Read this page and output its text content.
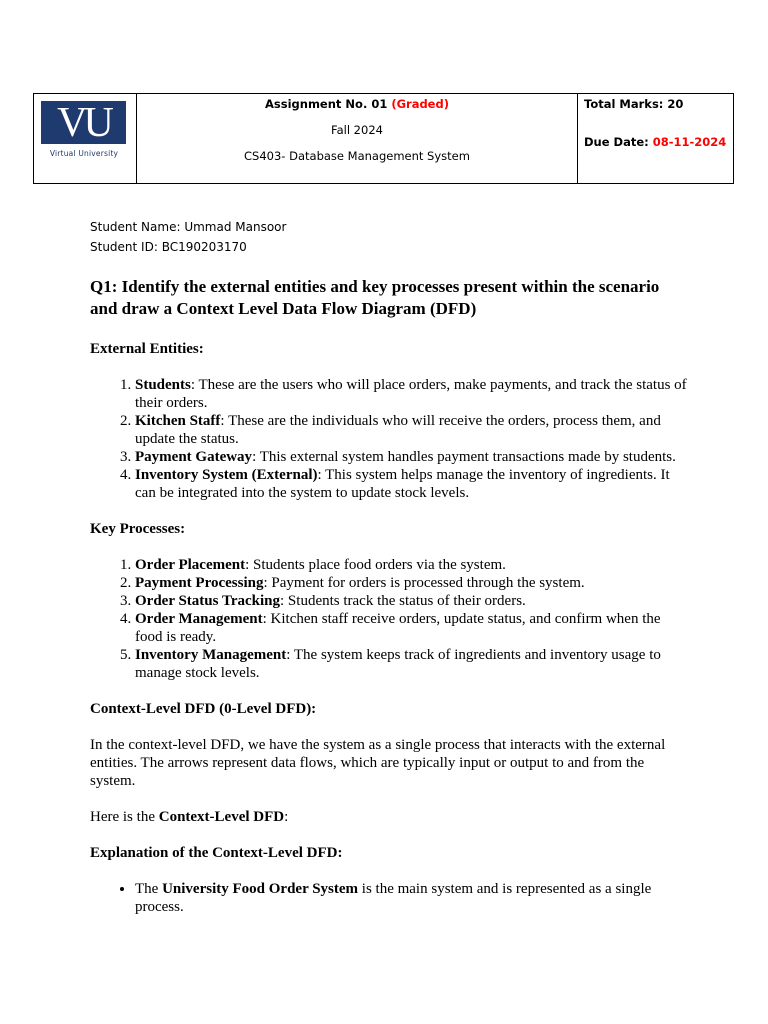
VU
Virtual University
Assignment No. 01 (Graded)
Fall 2024
CS403- Database Management System
Total Marks: 20
Due Date: 08-11-2024
Student Name: Ummad Mansoor
Student ID: BC190203170

Q1: Identify the external entities and key processes present within the scenario and draw a Context Level Data Flow Diagram (DFD)

External Entities:

1. Students: These are the users who will place orders, make payments, and track the status of their orders.
2. Kitchen Staff: These are the individuals who will receive the orders, process them, and update the status.
3. Payment Gateway: This external system handles payment transactions made by students.
4. Inventory System (External): This system helps manage the inventory of ingredients. It can be integrated into the system to update stock levels.

Key Processes:

1. Order Placement: Students place food orders via the system.
2. Payment Processing: Payment for orders is processed through the system.
3. Order Status Tracking: Students track the status of their orders.
4. Order Management: Kitchen staff receive orders, update status, and confirm when the food is ready.
5. Inventory Management: The system keeps track of ingredients and inventory usage to manage stock levels.

Context-Level DFD (0-Level DFD):

In the context-level DFD, we have the system as a single process that interacts with the external entities. The arrows represent data flows, which are typically input or output to and from the system.

Here is the Context-Level DFD:

Explanation of the Context-Level DFD:

• The University Food Order System is the main system and is represented as a single process.
